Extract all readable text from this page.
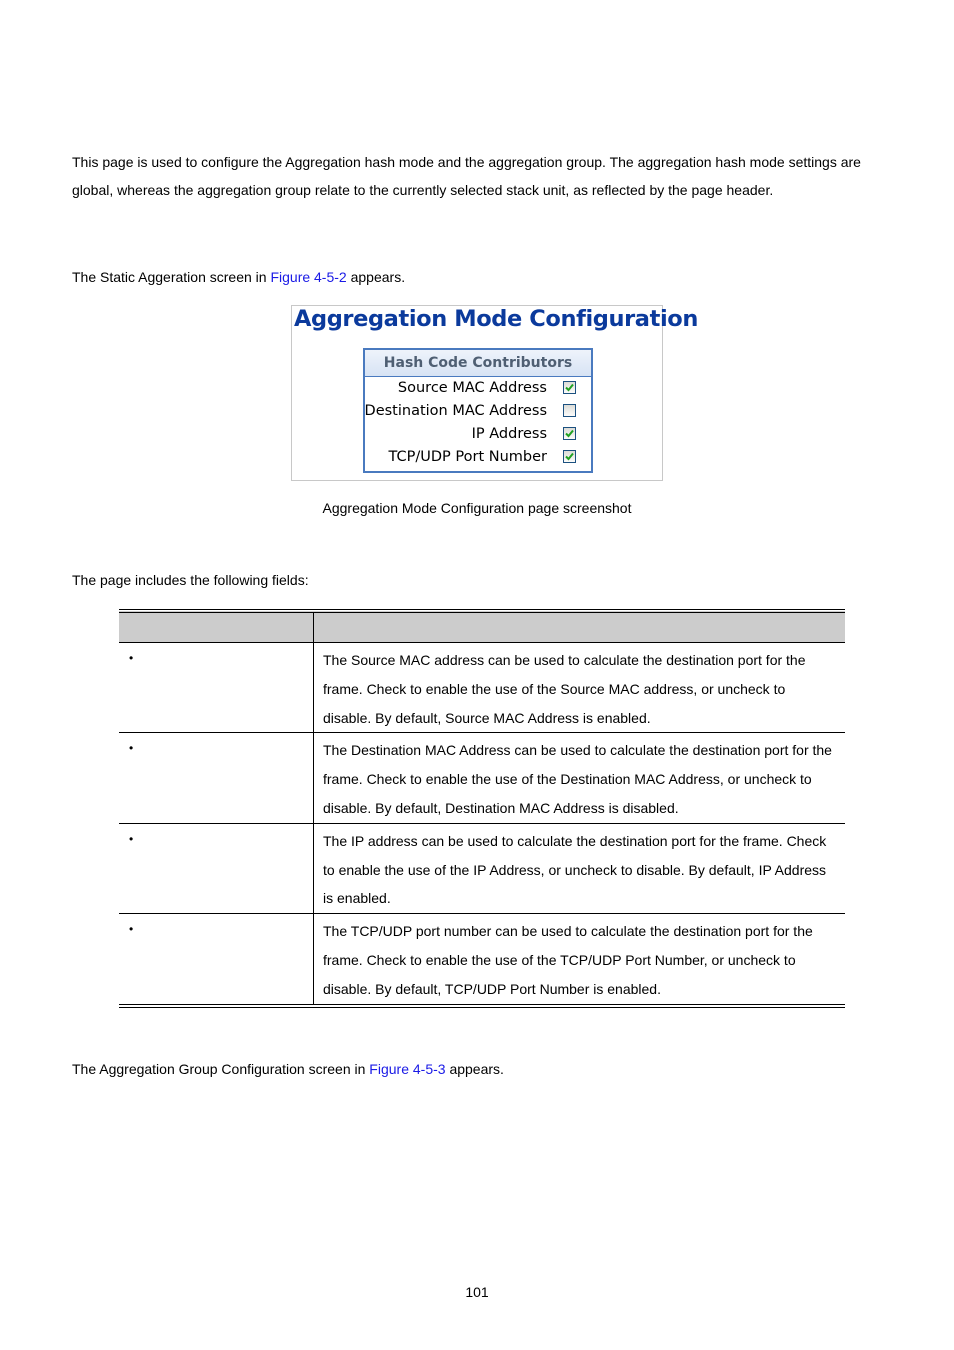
This page is used to configure the Aggregation hash mode and the aggregation group. The aggregation hash mode settings are global, whereas the aggregation group relate to the currently selected stack unit, as reflected by the page header.

The Static Aggeration screen in Figure 4-5-2 appears.

Aggregation Mode Configuration
Hash Code Contributors
Source MAC Address
Destination MAC Address
IP Address
TCP/UDP Port Number

Aggregation Mode Configuration page screenshot

The page includes the following fields:

•	The Source MAC address can be used to calculate the destination port for the frame. Check to enable the use of the Source MAC address, or uncheck to disable. By default, Source MAC Address is enabled.

•	The Destination MAC Address can be used to calculate the destination port for the frame. Check to enable the use of the Destination MAC Address, or uncheck to disable. By default, Destination MAC Address is disabled.

•	The IP address can be used to calculate the destination port for the frame. Check to enable the use of the IP Address, or uncheck to disable. By default, IP Address is enabled.

•	The TCP/UDP port number can be used to calculate the destination port for the frame. Check to enable the use of the TCP/UDP Port Number, or uncheck to disable. By default, TCP/UDP Port Number is enabled.

The Aggregation Group Configuration screen in Figure 4-5-3 appears.

101
